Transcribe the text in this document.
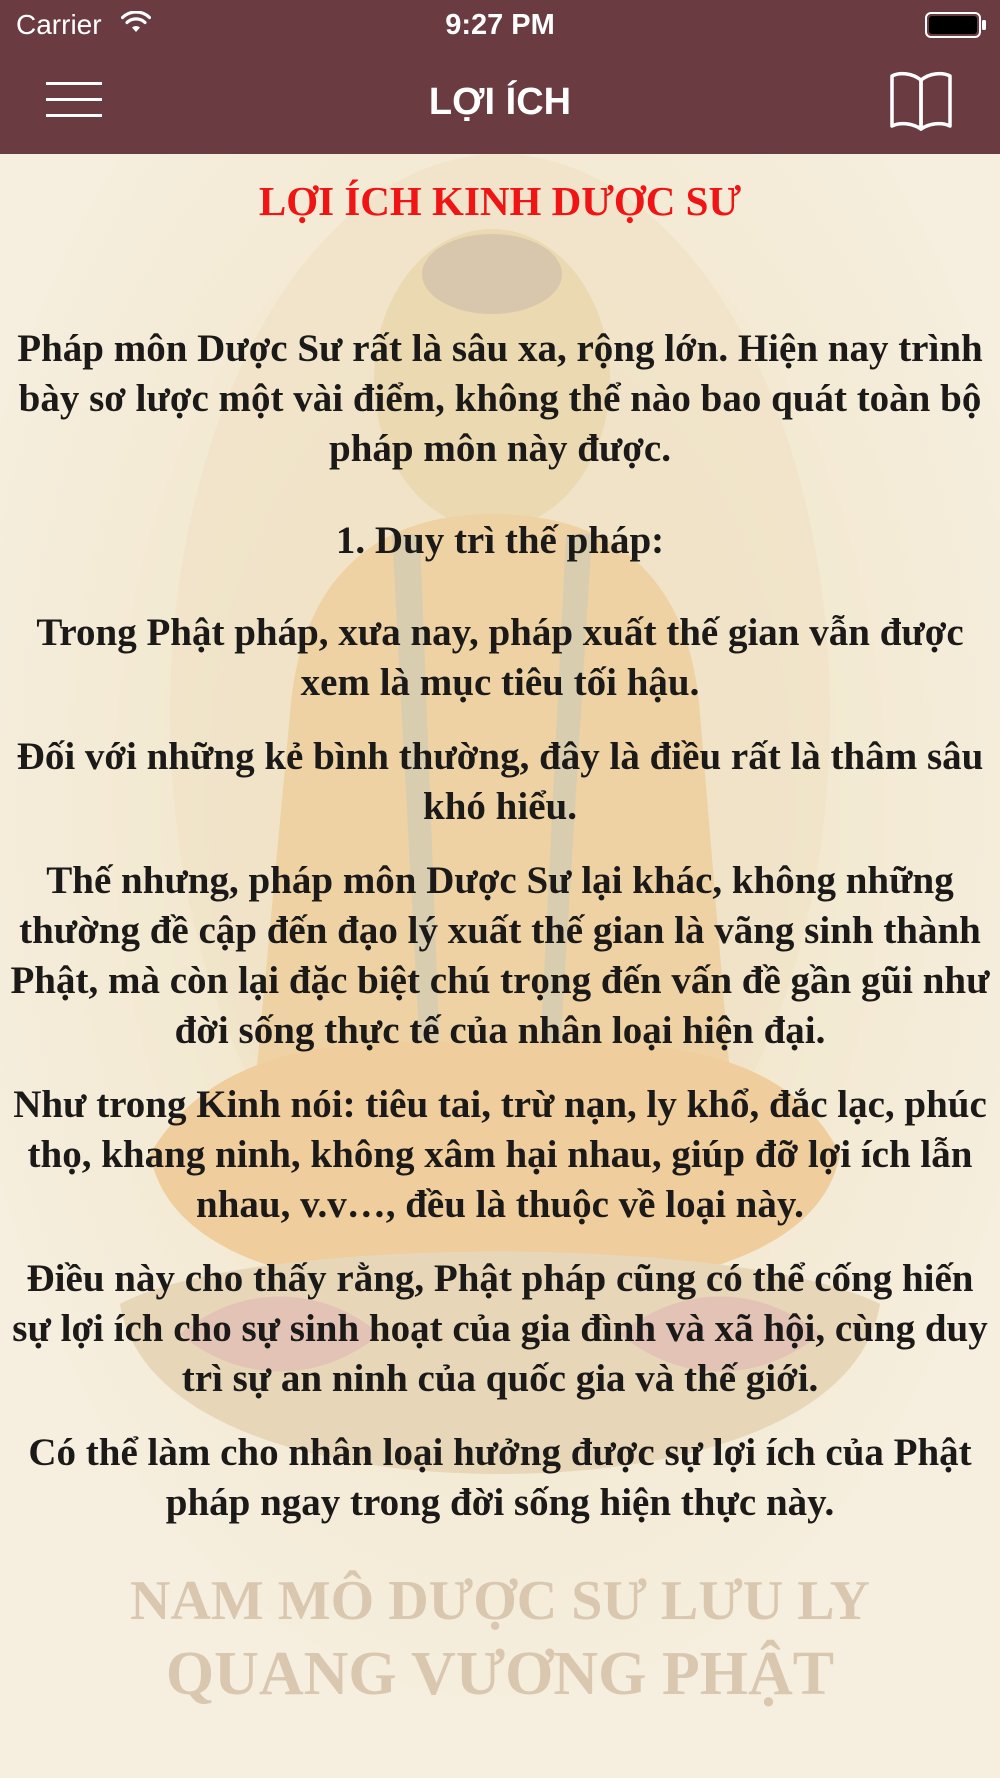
Carrier	9:27 PM
LỢI ÍCH
NAM MÔ DƯỢC SƯ LƯU LY
QUANG VƯƠNG PHẬT
LỢI ÍCH KINH DƯỢC SƯ
Pháp môn Dược Sư rất là sâu xa, rộng lớn. Hiện nay trình bày sơ lược một vài điểm, không thể nào bao quát toàn bộ pháp môn này được.
1. Duy trì thế pháp:
Trong Phật pháp, xưa nay, pháp xuất thế gian vẫn được xem là mục tiêu tối hậu.
Đối với những kẻ bình thường, đây là điều rất là thâm sâu khó hiểu.
Thế nhưng, pháp môn Dược Sư lại khác, không những thường đề cập đến đạo lý xuất thế gian là vãng sinh thành Phật, mà còn lại đặc biệt chú trọng đến vấn đề gần gũi như đời sống thực tế của nhân loại hiện đại.
Như trong Kinh nói: tiêu tai, trừ nạn, ly khổ, đắc lạc, phúc thọ, khang ninh, không xâm hại nhau, giúp đỡ lợi ích lẫn nhau, v.v…, đều là thuộc về loại này.
Điều này cho thấy rằng, Phật pháp cũng có thể cống hiến sự lợi ích cho sự sinh hoạt của gia đình và xã hội, cùng duy trì sự an ninh của quốc gia và thế giới.
Có thể làm cho nhân loại hưởng được sự lợi ích của Phật pháp ngay trong đời sống hiện thực này.
